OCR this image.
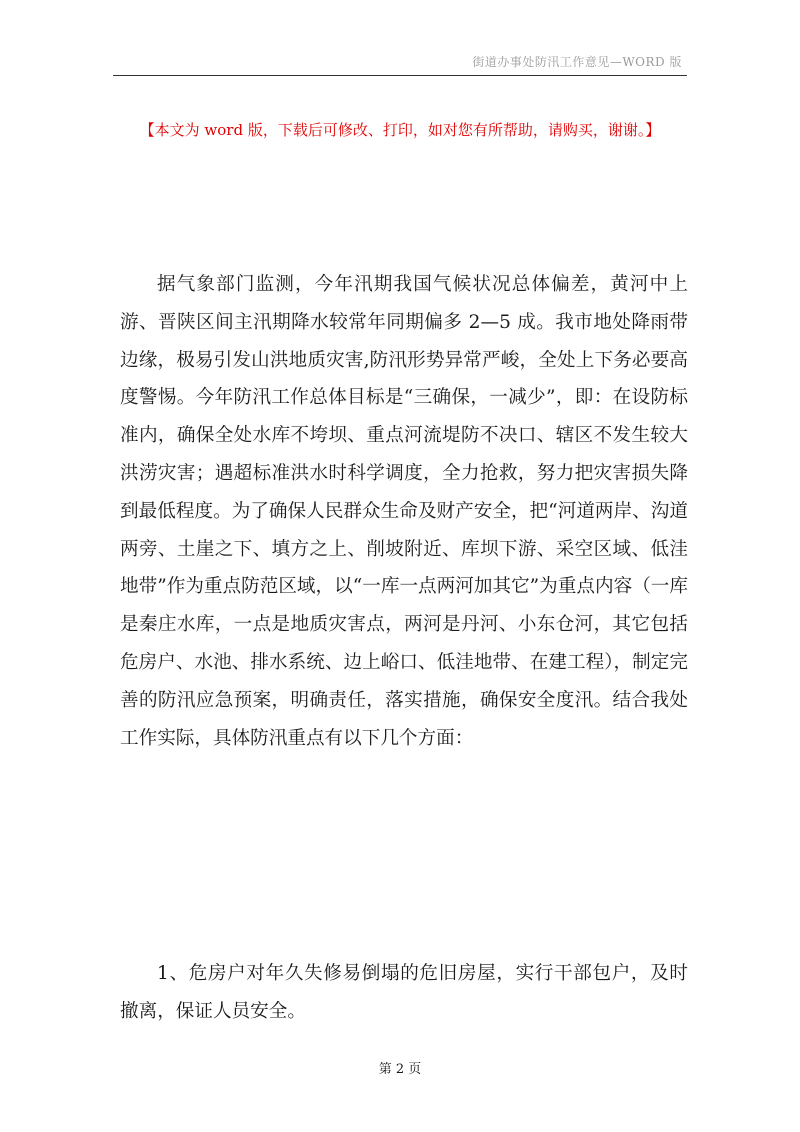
街道办事处防汛工作意见—WORD 版
【本文为 word 版，下载后可修改、打印，如对您有所帮助，请购买，谢谢。】

据气象部门监测，今年汛期我国气候状况总体偏差，黄河中上游、晋陕区间主汛期降水较常年同期偏多 2—5 成。我市地处降雨带边缘，极易引发山洪地质灾害,防汛形势异常严峻，全处上下务必要高度警惕。今年防汛工作总体目标是“三确保，一减少”，即：在设防标准内，确保全处水库不垮坝、重点河流堤防不决口、辖区不发生较大洪涝灾害；遇超标准洪水时科学调度，全力抢救，努力把灾害损失降到最低程度。为了确保人民群众生命及财产安全，把“河道两岸、沟道两旁、土崖之下、填方之上、削坡附近、库坝下游、采空区域、低洼地带”作为重点防范区域，以“一库一点两河加其它”为重点内容（一库是秦庄水库，一点是地质灾害点，两河是丹河、小东仓河，其它包括危房户、水池、排水系统、边上峪口、低洼地带、在建工程），制定完善的防汛应急预案，明确责任，落实措施，确保安全度汛。结合我处工作实际，具体防汛重点有以下几个方面：

1、危房户对年久失修易倒塌的危旧房屋，实行干部包户，及时撤离，保证人员安全。

第 2 页
